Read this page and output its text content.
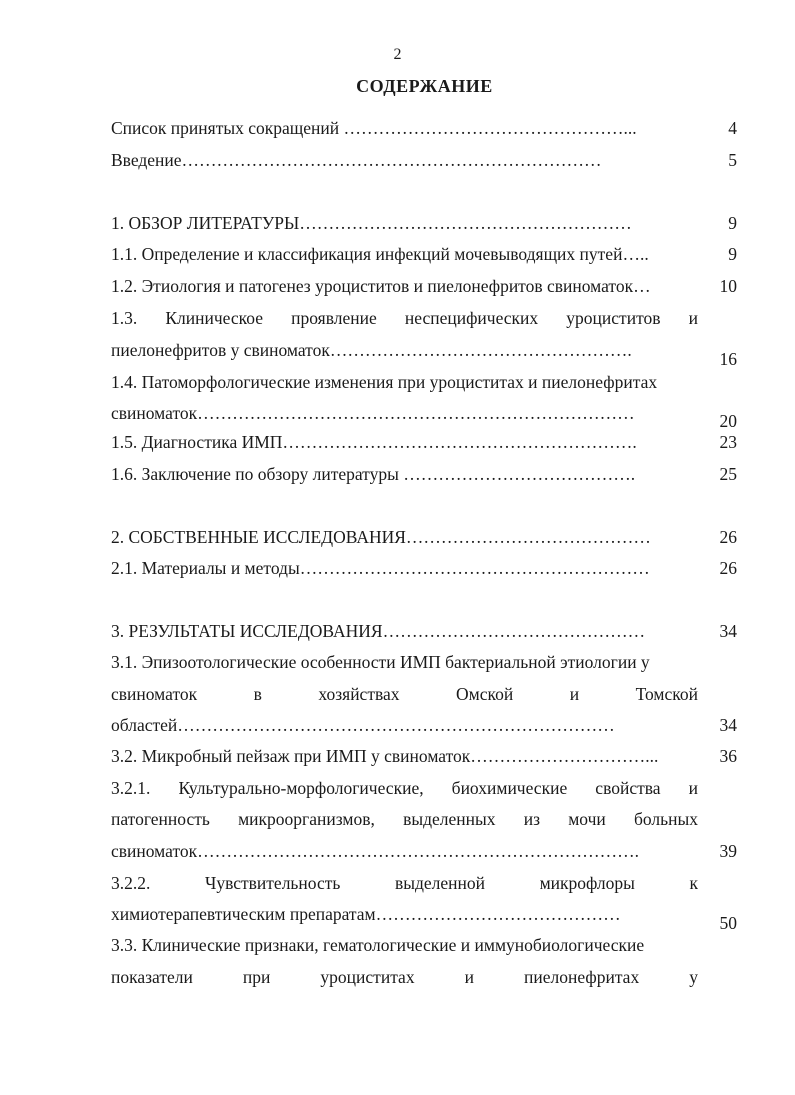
2
СОДЕРЖАНИЕ
Список принятых сокращений …………………………………………...	4
Введение………………………………………………………………	5
1. ОБЗОР ЛИТЕРАТУРЫ…………………………………………………	9
1.1. Определение и классификация инфекций мочевыводящих путей…..	9
1.2. Этиология и патогенез уроциститов и пиелонефритов свиноматок…	10
1.3. Клиническое проявление неспецифических уроциститов и
пиелонефритов у свиноматок…………………………………………….	16
1.4. Патоморфологические изменения при уроциститах и пиелонефритах
свиноматок…………………………………………………………………	20
1.5. Диагностика ИМП…………………………………………………….	23
1.6. Заключение по обзору литературы ………………………………….	25
2. СОБСТВЕННЫЕ ИССЛЕДОВАНИЯ……………………………………	26
2.1. Материалы и методы……………………………………………………	26
3. РЕЗУЛЬТАТЫ ИССЛЕДОВАНИЯ………………………………………	34
3.1. Эпизоотологические особенности ИМП бактериальной этиологии у
свиноматок в хозяйствах Омской и Томской
областей…………………………………………………………………	34
3.2. Микробный пейзаж при ИМП у свиноматок…………………………...	36
3.2.1. Культурально-морфологические, биохимические свойства и
патогенность микроорганизмов, выделенных из мочи больных
свиноматок………………………………………………………………….	39
3.2.2. Чувствительность выделенной микрофлоры к
химиотерапевтическим препаратам……………………………………	50
3.3. Клинические признаки, гематологические и иммунобиологические
показатели при уроциститах и пиелонефритах у
